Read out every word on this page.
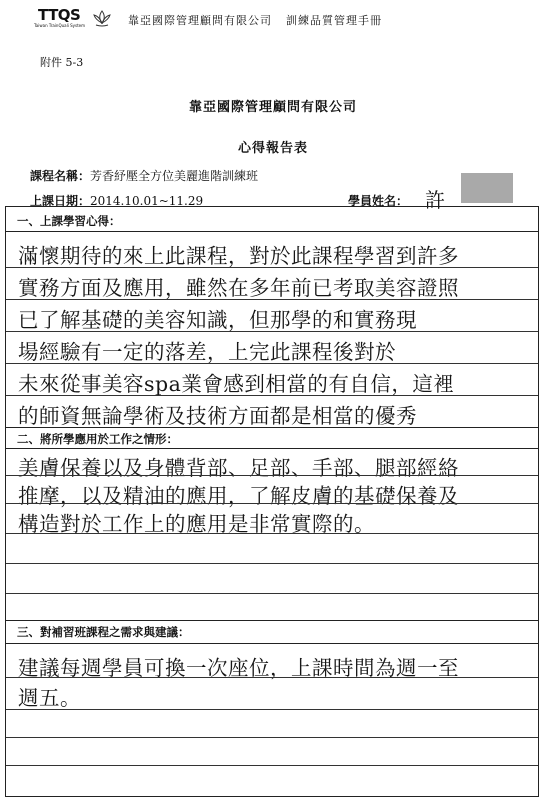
TTQS
Taiwan TrainQuali System	靠亞國際管理顧問有限公司 訓練品質管理手冊
附件 5-3
靠亞國際管理顧問有限公司
心得報告表
課程名稱：芳香紓壓全方位美麗進階訓練班
上課日期：2014.10.01~11.29	學員姓名： 許
一、上課學習心得：
滿懷期待的來上此課程，對於此課程學習到許多
實務方面及應用，雖然在多年前已考取美容證照
已了解基礎的美容知識，但那學的和實務現
場經驗有一定的落差，上完此課程後對於
未來從事美容spa業會感到相當的有自信，這裡
的師資無論學術及技術方面都是相當的優秀
二、將所學應用於工作之情形：
美膚保養以及身體背部、足部、手部、腿部經絡
推摩，以及精油的應用，了解皮膚的基礎保養及
構造對於工作上的應用是非常實際的。
三、對補習班課程之需求與建議：
建議每週學員可換一次座位，上課時間為週一至
週五。
